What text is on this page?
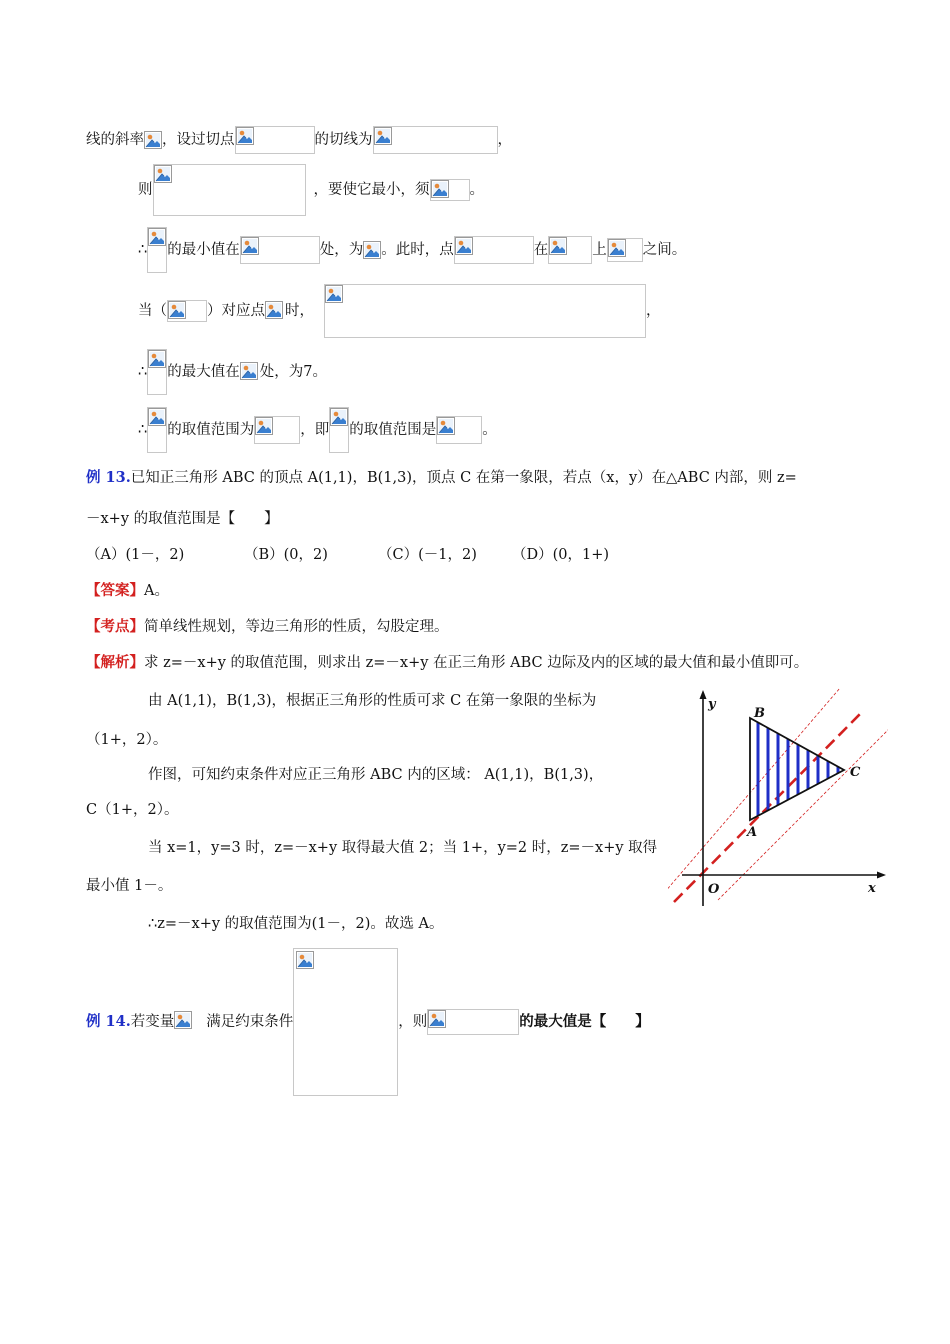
线的斜率 ，设过切点	的切线为	，
则	，要使它最小，须	。
∴ 的最小值在	处，为 。此时，点	在	上 之间。
当（	）对应点 时，	，
∴ 的最大值在 处，为7。
∴ 的取值范围为	，即 的取值范围是	。
例 13. 已知正三角形 ABC 的顶点 A(1,1)，B(1,3)，顶点 C 在第一象限，若点（x，y）在△ABC 内部，则 z=
－x+y 的取值范围是【　　】
（A）(1－，2)	（B）(0，2)	（C）(－1，2)	（D）(0，1+)
【答案】 A。
【考点】 简单线性规划，等边三角形的性质，勾股定理。
【解析】 求 z=－x+y 的取值范围，则求出 z=－x+y 在正三角形 ABC 边际及内的区域的最大值和最小值即可。
由 A(1,1)，B(1,3)，根据正三角形的性质可求 C 在第一象限的坐标为
（1+，2）。
作图，可知约束条件对应正三角形 ABC 内的区域： A(1,1)，B(1,3)，
C（1+，2）。
当 x=1，y=3 时，z=－x+y 取得最大值 2；当 1+，y=2 时，z=－x+y 取得
最小值 1－。
∴z=－x+y 的取值范围为(1－，2)。故选 A。
y
x
O
B
C
A
例 14. 若变量 满足约束条件	，则	的最大值是【　　】
